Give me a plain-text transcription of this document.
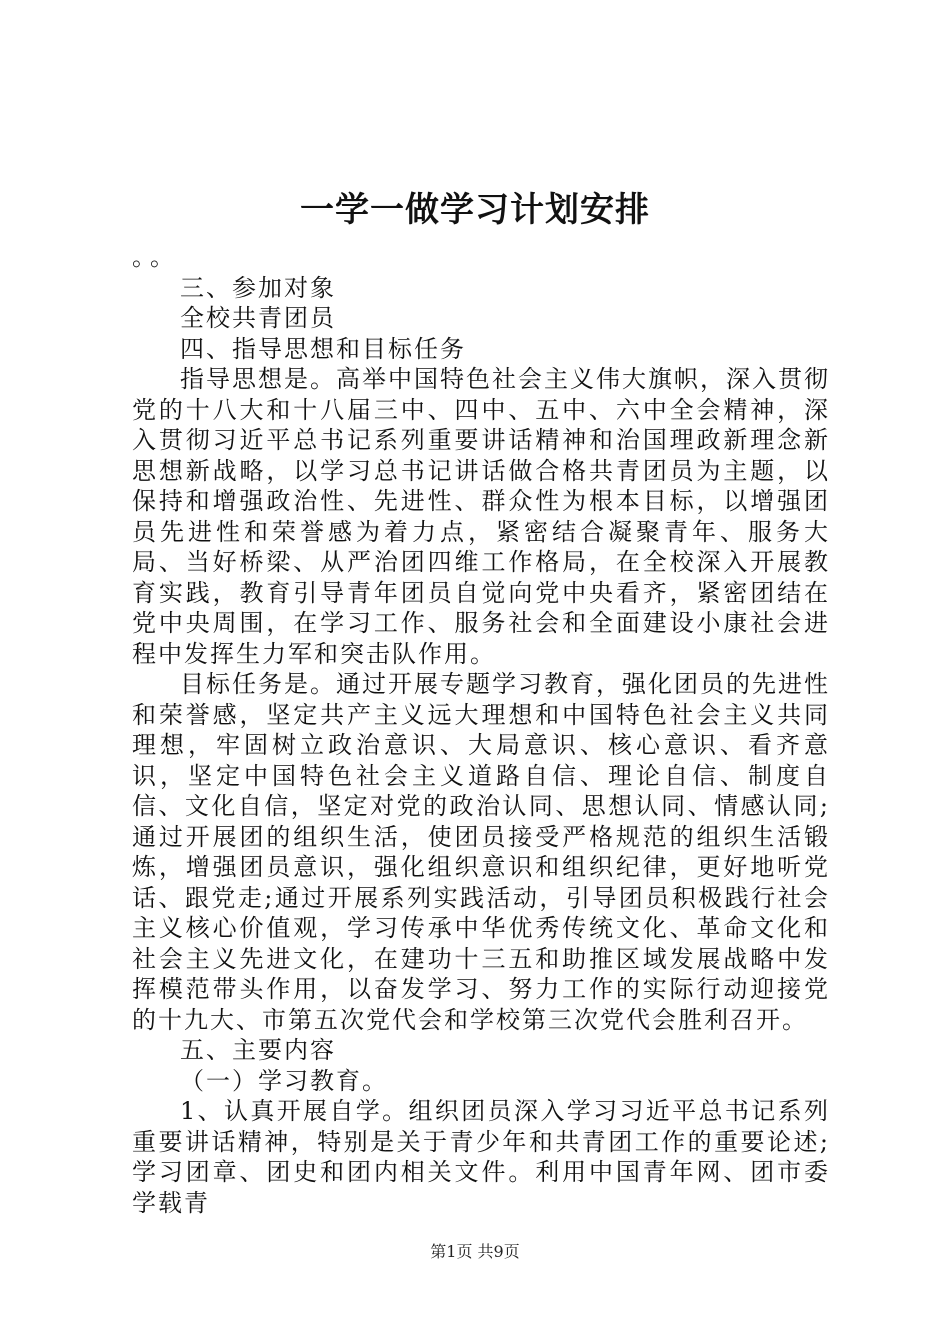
一学一做学习计划安排

。。

三、参加对象

全校共青团员

四、指导思想和目标任务

指导思想是。高举中国特色社会主义伟大旗帜，深入贯彻党的十八大和十八届三中、四中、五中、六中全会精神，深入贯彻习近平总书记系列重要讲话精神和治国理政新理念新思想新战略，以学习总书记讲话做合格共青团员为主题，以保持和增强政治性、先进性、群众性为根本目标，以增强团员先进性和荣誉感为着力点，紧密结合凝聚青年、服务大局、当好桥梁、从严治团四维工作格局，在全校深入开展教育实践，教育引导青年团员自觉向党中央看齐，紧密团结在党中央周围，在学习工作、服务社会和全面建设小康社会进程中发挥生力军和突击队作用。

目标任务是。通过开展专题学习教育，强化团员的先进性和荣誉感，坚定共产主义远大理想和中国特色社会主义共同理想，牢固树立政治意识、大局意识、核心意识、看齐意识，坚定中国特色社会主义道路自信、理论自信、制度自信、文化自信，坚定对党的政治认同、思想认同、情感认同;通过开展团的组织生活，使团员接受严格规范的组织生活锻炼，增强团员意识，强化组织意识和组织纪律，更好地听党话、跟党走;通过开展系列实践活动，引导团员积极践行社会主义核心价值观，学习传承中华优秀传统文化、革命文化和社会主义先进文化，在建功十三五和助推区域发展战略中发挥模范带头作用，以奋发学习、努力工作的实际行动迎接党的十九大、市第五次党代会和学校第三次党代会胜利召开。

五、主要内容

（一）学习教育。

1、认真开展自学。组织团员深入学习习近平总书记系列重要讲话精神，特别是关于青少年和共青团工作的重要论述;学习团章、团史和团内相关文件。利用中国青年网、团市委学载青

第1页 共9页
